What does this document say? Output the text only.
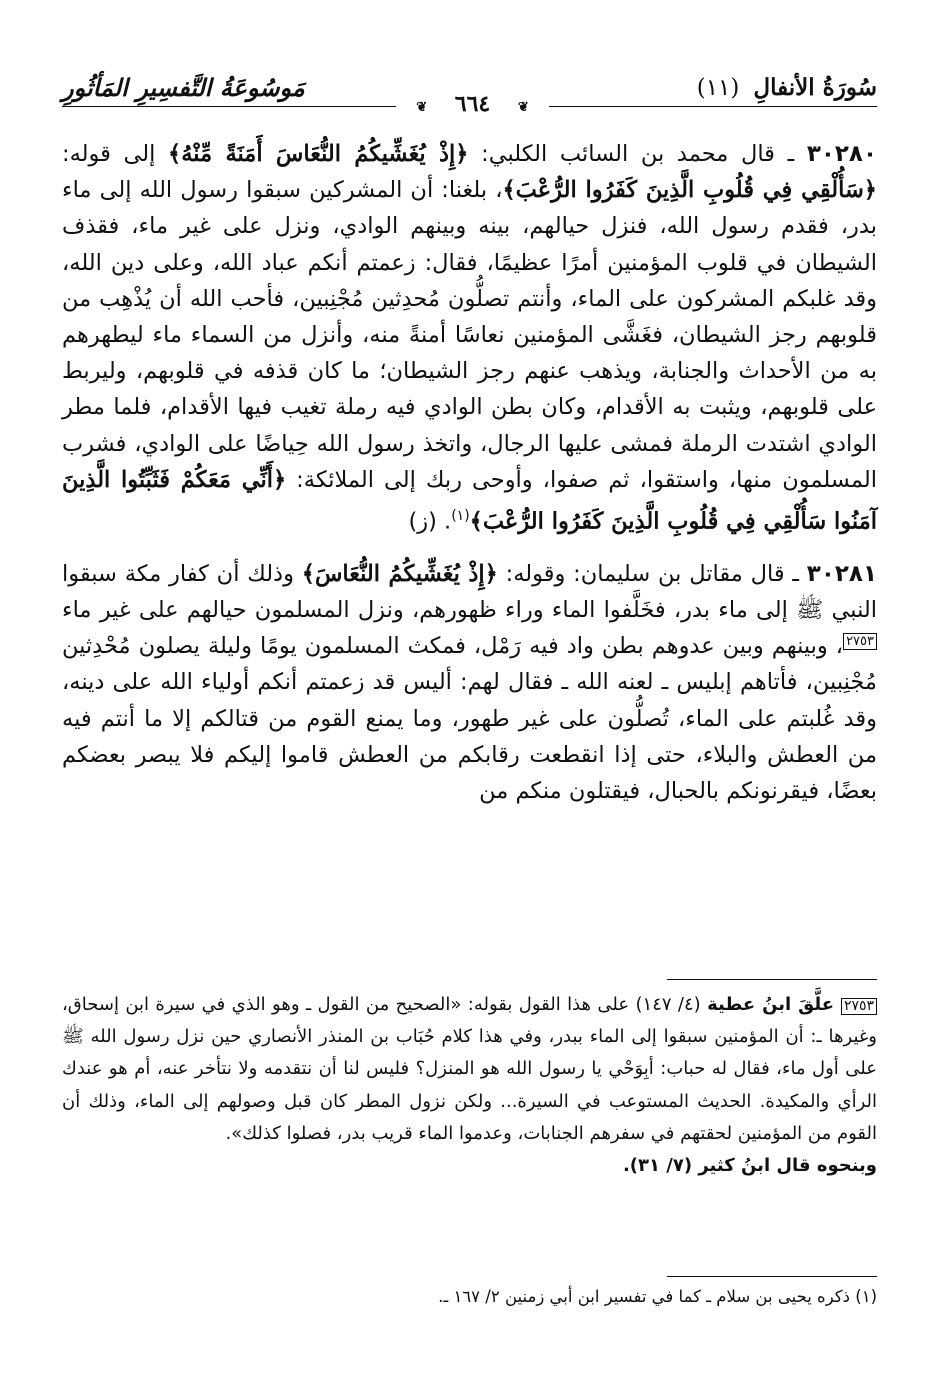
سُورَةُ الأنفالِ (١١)
مَوسُوعَةُ التَّفسِيرِ المَأثُورِ
❦ ٦٦٤ ❦

٣٠٢٨٠ ـ قال محمد بن السائب الكلبي: ﴿إِذْ يُغَشِّيكُمُ النُّعَاسَ أَمَنَةً مِّنْهُ﴾ إلى قوله: ﴿سَأُلْقِي فِي قُلُوبِ الَّذِينَ كَفَرُوا الرُّعْبَ﴾، بلغنا: أن المشركين سبقوا رسول الله إلى ماء بدر، فقدم رسول الله، فنزل حيالهم، بينه وبينهم الوادي، ونزل على غير ماء، فقذف الشيطان في قلوب المؤمنين أمرًا عظيمًا، فقال: زعمتم أنكم عباد الله، وعلى دين الله، وقد غلبكم المشركون على الماء، وأنتم تصلُّون مُحدِثين مُجْنِبين، فأحب الله أن يُذْهِب من قلوبهم رجز الشيطان، فغَشَّى المؤمنين نعاسًا أمنةً منه، وأنزل من السماء ماء ليطهرهم به من الأحداث والجنابة، ويذهب عنهم رجز الشيطان؛ ما كان قذفه في قلوبهم، وليربط على قلوبهم، ويثبت به الأقدام، وكان بطن الوادي فيه رملة تغيب فيها الأقدام، فلما مطر الوادي اشتدت الرملة فمشى عليها الرجال، واتخذ رسول الله حِياضًا على الوادي، فشرب المسلمون منها، واستقوا، ثم صفوا، وأوحى ربك إلى الملائكة: ﴿أَنِّي مَعَكُمْ فَثَبِّتُوا الَّذِينَ آمَنُوا سَأُلْقِي فِي قُلُوبِ الَّذِينَ كَفَرُوا الرُّعْبَ﴾$^{(١)}$. (ز)

٣٠٢٨١ ـ قال مقاتل بن سليمان: وقوله: ﴿إِذْ يُغَشِّيكُمُ النُّعَاسَ﴾ وذلك أن كفار مكة سبقوا النبي ﷺ إلى ماء بدر، فخَلَّفوا الماء وراء ظهورهم، ونزل المسلمون حيالهم على غير ماء٢٧٥٣، وبينهم وبين عدوهم بطن واد فيه رَمْل، فمكث المسلمون يومًا وليلة يصلون مُحْدِثين مُجْنِبين، فأتاهم إبليس ـ لعنه الله ـ فقال لهم: أليس قد زعمتم أنكم أولياء الله على دينه، وقد غُلبتم على الماء، تُصلُّون على غير طهور، وما يمنع القوم من قتالكم إلا ما أنتم فيه من العطش والبلاء، حتى إذا انقطعت رقابكم من العطش قاموا إليكم فلا يبصر بعضكم بعضًا، فيقرنونكم بالحبال، فيقتلون منكم من

٢٧٥٣ علَّقَ ابنُ عطية (٤/ ١٤٧) على هذا القول بقوله: «الصحيح من القول ـ وهو الذي في سيرة ابن إسحاق، وغيرها ـ: أن المؤمنين سبقوا إلى الماء ببدر، وفي هذا كلام حُبَاب بن المنذر الأنصاري حين نزل رسول الله ﷺ على أول ماء، فقال له حباب: أبِوَحْي يا رسول الله هو المنزل؟ فليس لنا أن نتقدمه ولا نتأخر عنه، أم هو عندك الرأي والمكيدة. الحديث المستوعب في السيرة... ولكن نزول المطر كان قبل وصولهم إلى الماء، وذلك أن القوم من المؤمنين لحقتهم في سفرهم الجنابات، وعدموا الماء قريب بدر، فصلوا كذلك».
وبنحوه قال ابنُ كثير (٧/ ٣١).
(١) ذكره يحيى بن سلام ـ كما في تفسير ابن أبي زمنين ٢/ ١٦٧ ـ.
